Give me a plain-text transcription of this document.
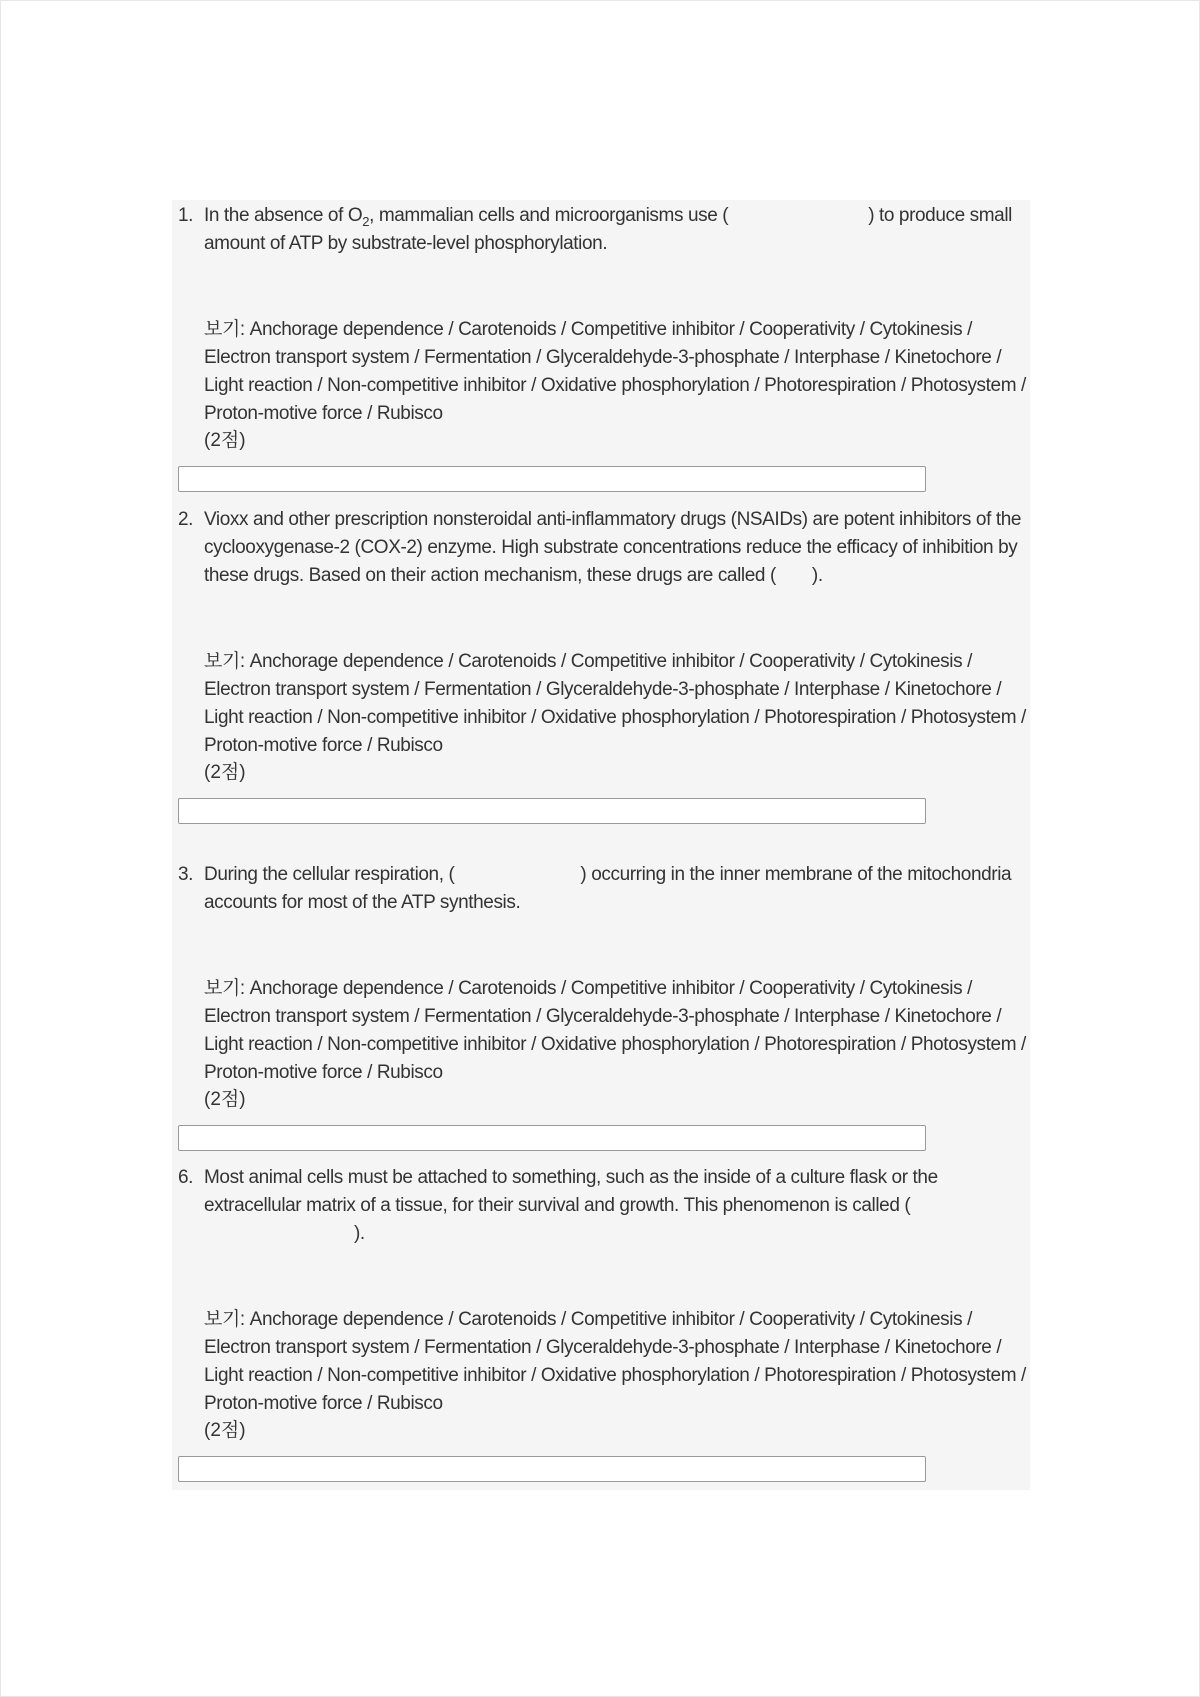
1. In the absence of $O_2$, mammalian cells and microorganisms use (	) to produce small amount of ATP by substrate-level phosphorylation.

보기: Anchorage dependence / Carotenoids / Competitive inhibitor / Cooperativity / Cytokinesis / Electron transport system / Fermentation / Glyceraldehyde-3-phosphate / Interphase / Kinetochore / Light reaction / Non-competitive inhibitor / Oxidative phosphorylation / Photorespiration / Photosystem / Proton-motive force / Rubisco
(2점)

2. Vioxx and other prescription nonsteroidal anti-inflammatory drugs (NSAIDs) are potent inhibitors of the cyclooxygenase-2 (COX-2) enzyme. High substrate concentrations reduce the efficacy of inhibition by these drugs. Based on their action mechanism, these drugs are called ( ).

보기: Anchorage dependence / Carotenoids / Competitive inhibitor / Cooperativity / Cytokinesis / Electron transport system / Fermentation / Glyceraldehyde-3-phosphate / Interphase / Kinetochore / Light reaction / Non-competitive inhibitor / Oxidative phosphorylation / Photorespiration / Photosystem / Proton-motive force / Rubisco
(2점)

3. During the cellular respiration, (	) occurring in the inner membrane of the mitochondria accounts for most of the ATP synthesis.

보기: Anchorage dependence / Carotenoids / Competitive inhibitor / Cooperativity / Cytokinesis / Electron transport system / Fermentation / Glyceraldehyde-3-phosphate / Interphase / Kinetochore / Light reaction / Non-competitive inhibitor / Oxidative phosphorylation / Photorespiration / Photosystem / Proton-motive force / Rubisco
(2점)

6. Most animal cells must be attached to something, such as the inside of a culture flask or the extracellular matrix of a tissue, for their survival and growth. This phenomenon is called ().

보기: Anchorage dependence / Carotenoids / Competitive inhibitor / Cooperativity / Cytokinesis / Electron transport system / Fermentation / Glyceraldehyde-3-phosphate / Interphase / Kinetochore / Light reaction / Non-competitive inhibitor / Oxidative phosphorylation / Photorespiration / Photosystem / Proton-motive force / Rubisco
(2점)
